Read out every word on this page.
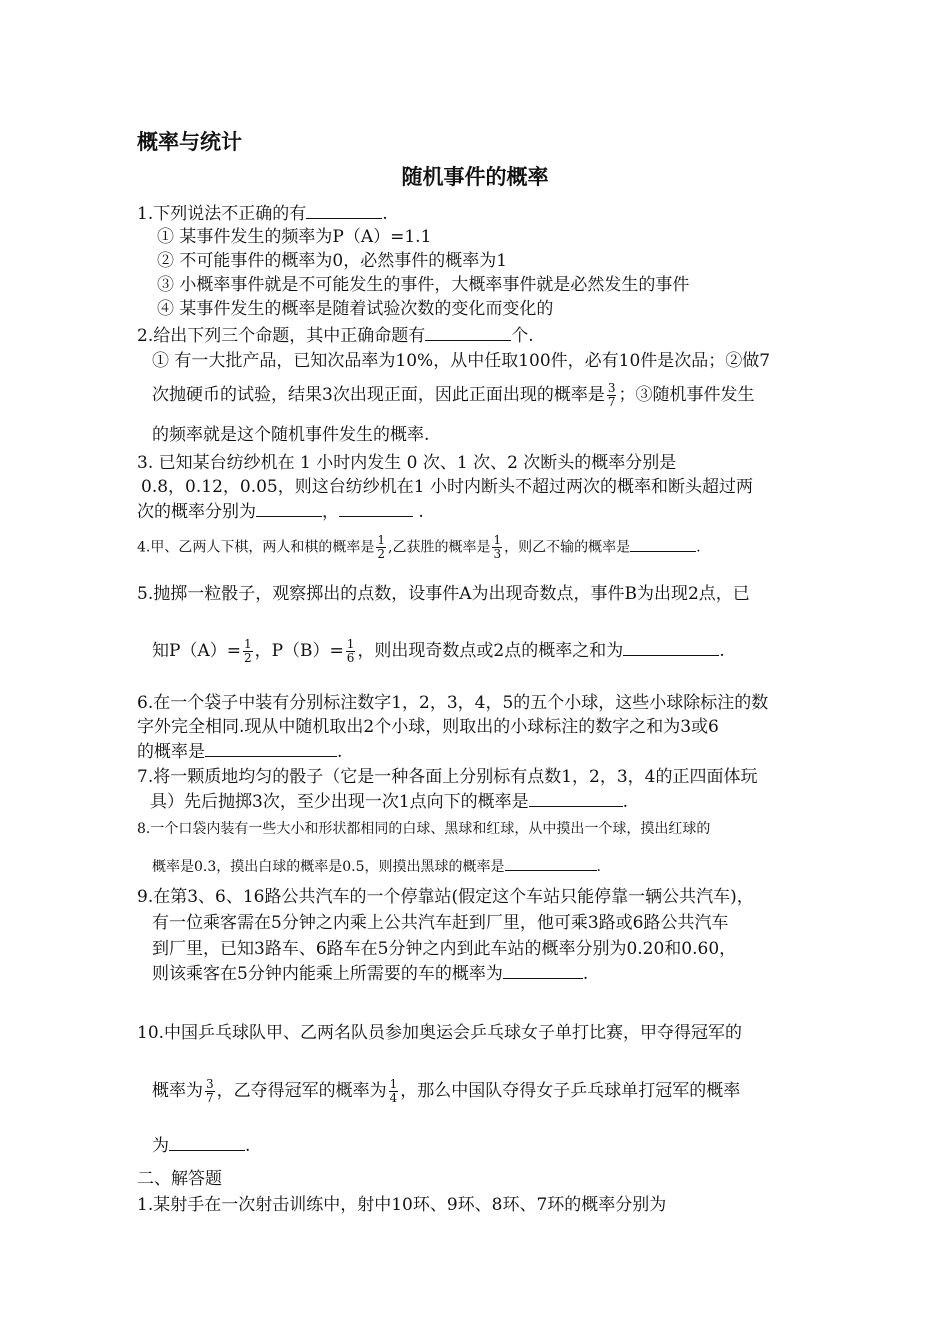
概率与统计
随机事件的概率
1.下列说法不正确的有	.
① 某事件发生的频率为P（A）=1.1
② 不可能事件的概率为0，必然事件的概率为1
③ 小概率事件就是不可能发生的事件，大概率事件就是必然发生的事件
④ 某事件发生的概率是随着试验次数的变化而变化的
2.给出下列三个命题，其中正确命题有	个.
① 有一大批产品，已知次品率为10%，从中任取100件，必有10件是次品；②做7
次抛硬币的试验，结果3次出现正面，因此正面出现的概率是 $\frac{3}{7}$ ；③随机事件发生
的频率就是这个随机事件发生的概率.
3. 已知某台纺纱机在 1 小时内发生 0 次、1 次、2 次断头的概率分别是
0.8，0.12，0.05，则这台纺纱机在1 小时内断头不超过两次的概率和断头超过两
次的概率分别为	，	.
4.甲、乙两人下棋，两人和棋的概率是 $\frac{1}{2}$ ,乙获胜的概率是 $\frac{1}{3}$ ，则乙不输的概率是	.
5.抛掷一粒骰子，观察掷出的点数，设事件A为出现奇数点，事件B为出现2点，已
知$P(A)= \frac{1}{2}$ ，$P(B)= \frac{1}{6}$ ，则出现奇数点或2点的概率之和为	.
6.在一个袋子中装有分别标注数字1，2，3，4，5的五个小球，这些小球除标注的数
字外完全相同.现从中随机取出2个小球，则取出的小球标注的数字之和为3或6
的概率是	.
7.将一颗质地均匀的骰子（它是一种各面上分别标有点数1，2，3，4的正四面体玩
具）先后抛掷3次，至少出现一次1点向下的概率是	.
8.一个口袋内装有一些大小和形状都相同的白球、黑球和红球，从中摸出一个球，摸出红球的
概率是0.3，摸出白球的概率是0.5，则摸出黑球的概率是	.
9.在第3、6、16路公共汽车的一个停靠站(假定这个车站只能停靠一辆公共汽车)，
有一位乘客需在5分钟之内乘上公共汽车赶到厂里，他可乘3路或6路公共汽车
到厂里，已知3路车、6路车在5分钟之内到此车站的概率分别为0.20和0.60，
则该乘客在5分钟内能乘上所需要的车的概率为	.
10.中国乒乓球队甲、乙两名队员参加奥运会乒乓球女子单打比赛，甲夺得冠军的
概率为 $\frac{3}{7}$ ，乙夺得冠军的概率为 $\frac{1}{4}$ ，那么中国队夺得女子乒乓球单打冠军的概率
为	.
二、解答题
1.某射手在一次射击训练中，射中10环、9环、8环、7环的概率分别为
